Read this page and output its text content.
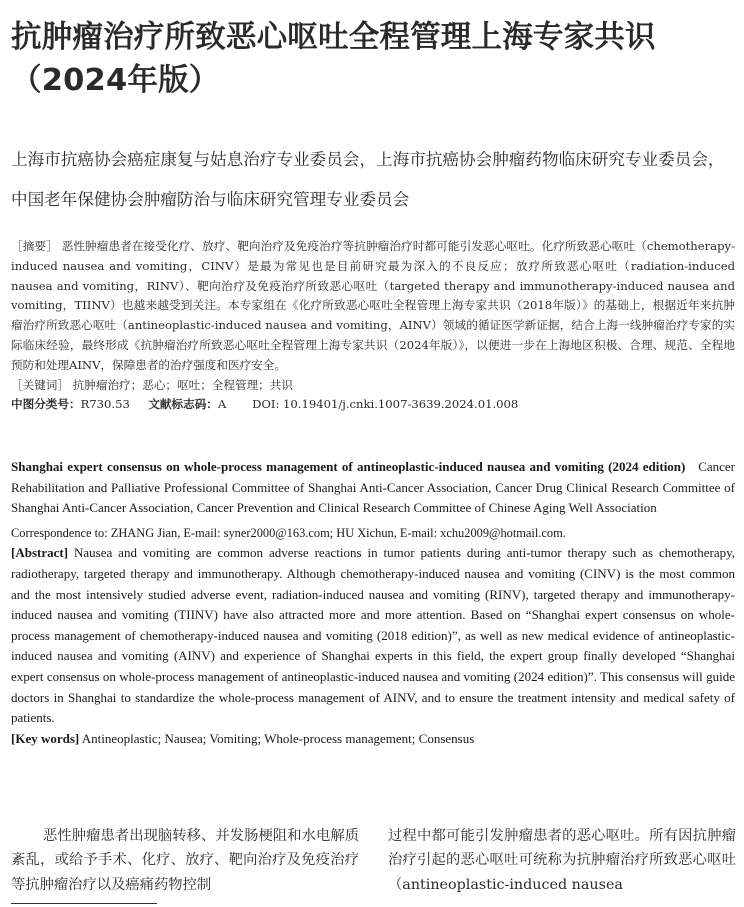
抗肿瘤治疗所致恶心呕吐全程管理上海专家共识（2024年版）
上海市抗癌协会癌症康复与姑息治疗专业委员会，上海市抗癌协会肿瘤药物临床研究专业委员会，中国老年保健协会肿瘤防治与临床研究管理专业委员会

［摘要］ 恶性肿瘤患者在接受化疗、放疗、靶向治疗及免疫治疗等抗肿瘤治疗时都可能引发恶心呕吐。化疗所致恶心呕吐（chemotherapy-induced nausea and vomiting，CINV）是最为常见也是目前研究最为深入的不良反应；放疗所致恶心呕吐（radiation-induced nausea and vomiting，RINV）、靶向治疗及免疫治疗所致恶心呕吐（targeted therapy and immunotherapy-induced nausea and vomiting，TIINV）也越来越受到关注。本专家组在《化疗所致恶心呕吐全程管理上海专家共识（2018年版）》的基础上，根据近年来抗肿瘤治疗所致恶心呕吐（antineoplastic-induced nausea and vomiting，AINV）领域的循证医学新证据，结合上海一线肿瘤治疗专家的实际临床经验，最终形成《抗肿瘤治疗所致恶心呕吐全程管理上海专家共识（2024年版）》，以便进一步在上海地区积极、合理、规范、全程地预防和处理AINV，保障患者的治疗强度和医疗安全。

［关键词］ 抗肿瘤治疗；恶心；呕吐；全程管理；共识

中图分类号：R730.53 文献标志码：A DOI: 10.19401/j.cnki.1007-3639.2024.01.008

Shanghai expert consensus on whole-process management of antineoplastic-induced nausea and vomiting (2024 edition) Cancer Rehabilitation and Palliative Professional Committee of Shanghai Anti-Cancer Association, Cancer Drug Clinical Research Committee of Shanghai Anti-Cancer Association, Cancer Prevention and Clinical Research Committee of Chinese Aging Well Association

Correspondence to: ZHANG Jian, E-mail: syner2000@163.com; HU Xichun, E-mail: xchu2009@hotmail.com.

[Abstract] Nausea and vomiting are common adverse reactions in tumor patients during anti-tumor therapy such as chemotherapy, radiotherapy, targeted therapy and immunotherapy. Although chemotherapy-induced nausea and vomiting (CINV) is the most common and the most intensively studied adverse event, radiation-induced nausea and vomiting (RINV), targeted therapy and immunotherapy-induced nausea and vomiting (TIINV) have also attracted more and more attention. Based on “Shanghai expert consensus on whole-process management of chemotherapy-induced nausea and vomiting (2018 edition)”, as well as new medical evidence of antineoplastic-induced nausea and vomiting (AINV) and experience of Shanghai experts in this field, the expert group finally developed “Shanghai expert consensus on whole-process management of antineoplastic-induced nausea and vomiting (2024 edition)”. This consensus will guide doctors in Shanghai to standardize the whole-process management of AINV, and to ensure the treatment intensity and medical safety of patients.

[Key words] Antineoplastic; Nausea; Vomiting; Whole-process management; Consensus

恶性肿瘤患者出现脑转移、并发肠梗阻和水电解质紊乱，或给予手术、化疗、放疗、靶向治疗及免疫治疗等抗肿瘤治疗以及癌痛药物控制
过程中都可能引发肿瘤患者的恶心呕吐。所有因抗肿瘤治疗引起的恶心呕吐可统称为抗肿瘤治疗所致恶心呕吐（antineoplastic-induced nausea
